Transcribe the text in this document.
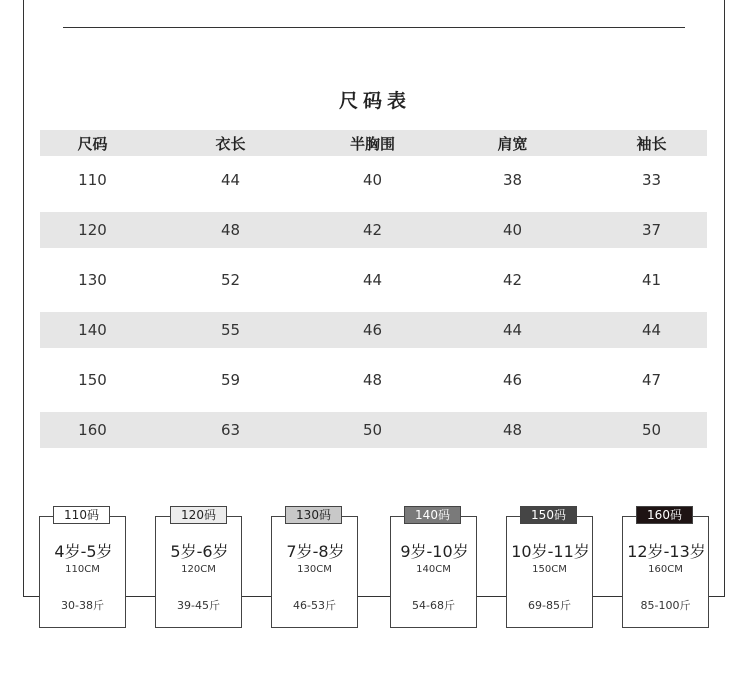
尺码表
尺码	衣长	半胸围	肩宽	袖长
110	44	40	38	33
120	48	42	40	37
130	52	44	42	41
140	55	46	44	44
150	59	48	46	47
160	63	50	48	50
4岁-5岁
110CM
30-38斤
110码
5岁-6岁
120CM
39-45斤
120码
7岁-8岁
130CM
46-53斤
130码
9岁-10岁
140CM
54-68斤
140码
10岁-11岁
150CM
69-85斤
150码
12岁-13岁
160CM
85-100斤
160码
